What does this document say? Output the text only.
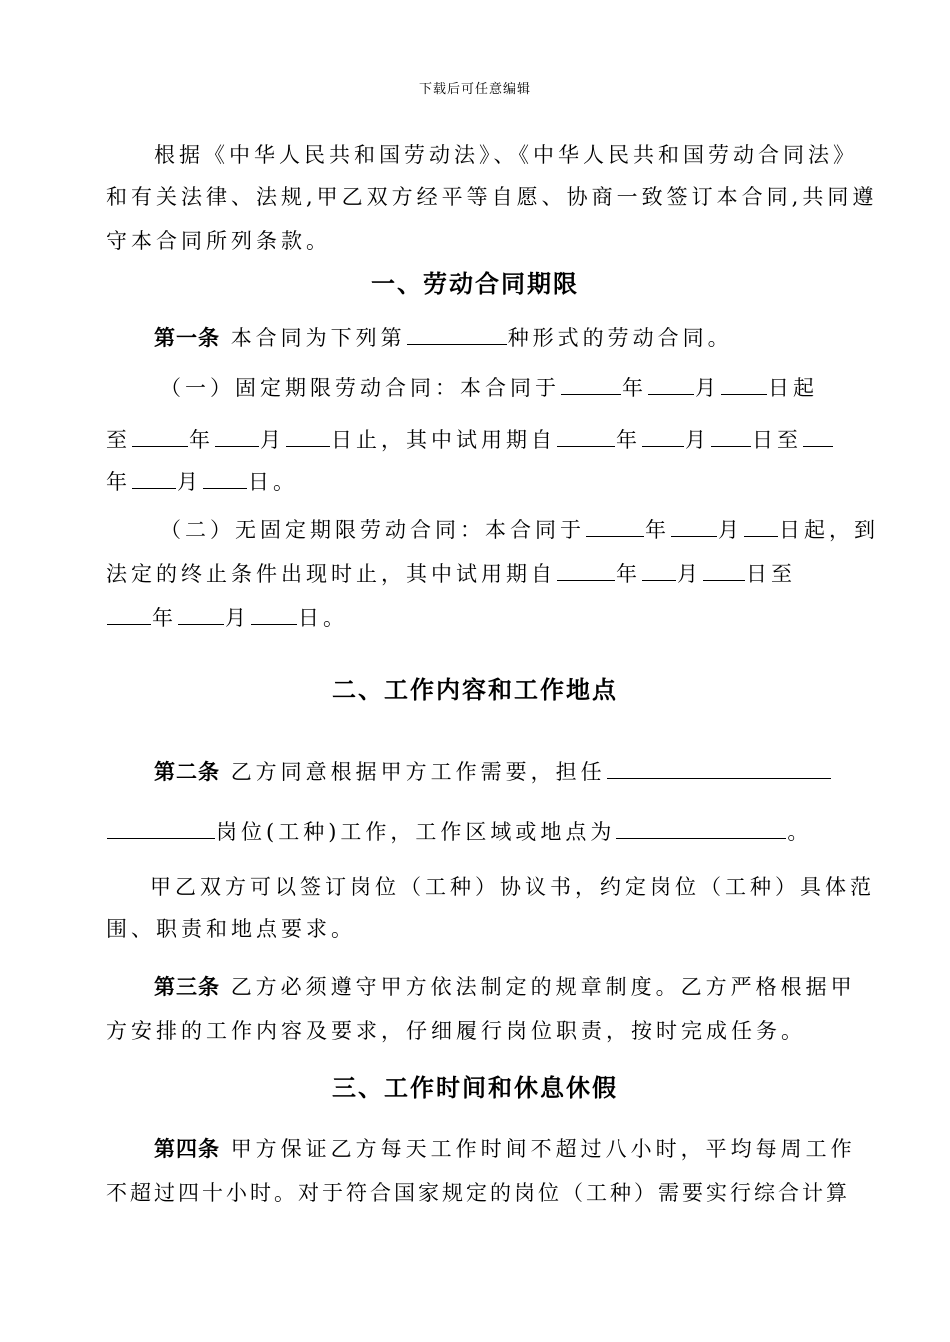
下载后可任意编辑
根据《中华人民共和国劳动法》、《中华人民共和国劳动合同法》
和有关法律、法规,甲乙双方经平等自愿、协商一致签订本合同,共同遵
守本合同所列条款。
一、劳动合同期限
第一条 本合同为下列第	种形式的劳动合同。
（一）固定期限劳动合同：本合同于	年 月 日起
至	年 月 日止，其中试用期自	年 月 日至
年 月 日。
（二）无固定期限劳动合同：本合同于	年 月 日起，到
法定的终止条件出现时止，其中试用期自	年 月 日至
年 月 日。
二、工作内容和工作地点
第二条 乙方同意根据甲方工作需要，担任
岗位(工种)工作，工作区域或地点为	。
甲乙双方可以签订岗位（工种）协议书，约定岗位（工种）具体范
围、职责和地点要求。
第三条 乙方必须遵守甲方依法制定的规章制度。乙方严格根据甲
方安排的工作内容及要求，仔细履行岗位职责，按时完成任务。
三、工作时间和休息休假
第四条 甲方保证乙方每天工作时间不超过八小时，平均每周工作
不超过四十小时。对于符合国家规定的岗位（工种）需要实行综合计算
